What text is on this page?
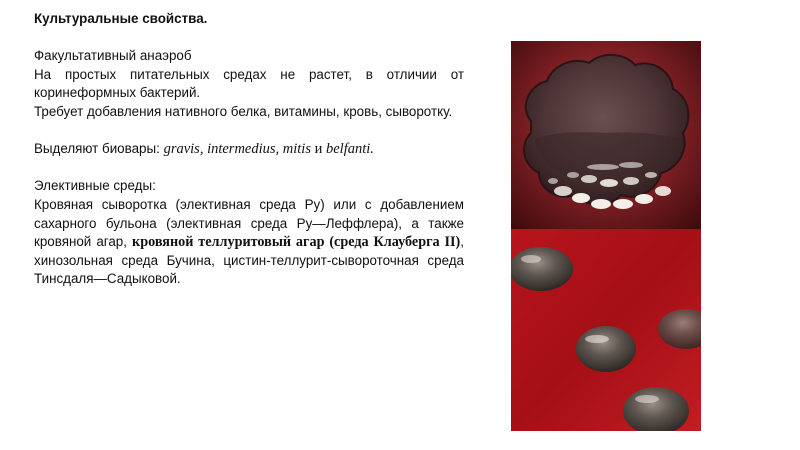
Культуральные свойства.

Факультативный анаэроб

На простых питательных средах не растет, в отличии от коринеформных бактерий.

Требует добавления нативного белка, витамины, кровь, сыворотку.

Выделяют биовары: gravis, intermedius, mitis и belfanti.

Элективные среды:

Кровяная сыворотка (элективная среда Ру) или с добавлением сахарного бульона (элективная среда Ру—Леффлера), а также кровяной агар, кровяной теллуритовый агар (среда Клауберга II), хинозольная среда Бучина, цистин-теллурит-сывороточная среда Тинсдаля—Садыковой.
